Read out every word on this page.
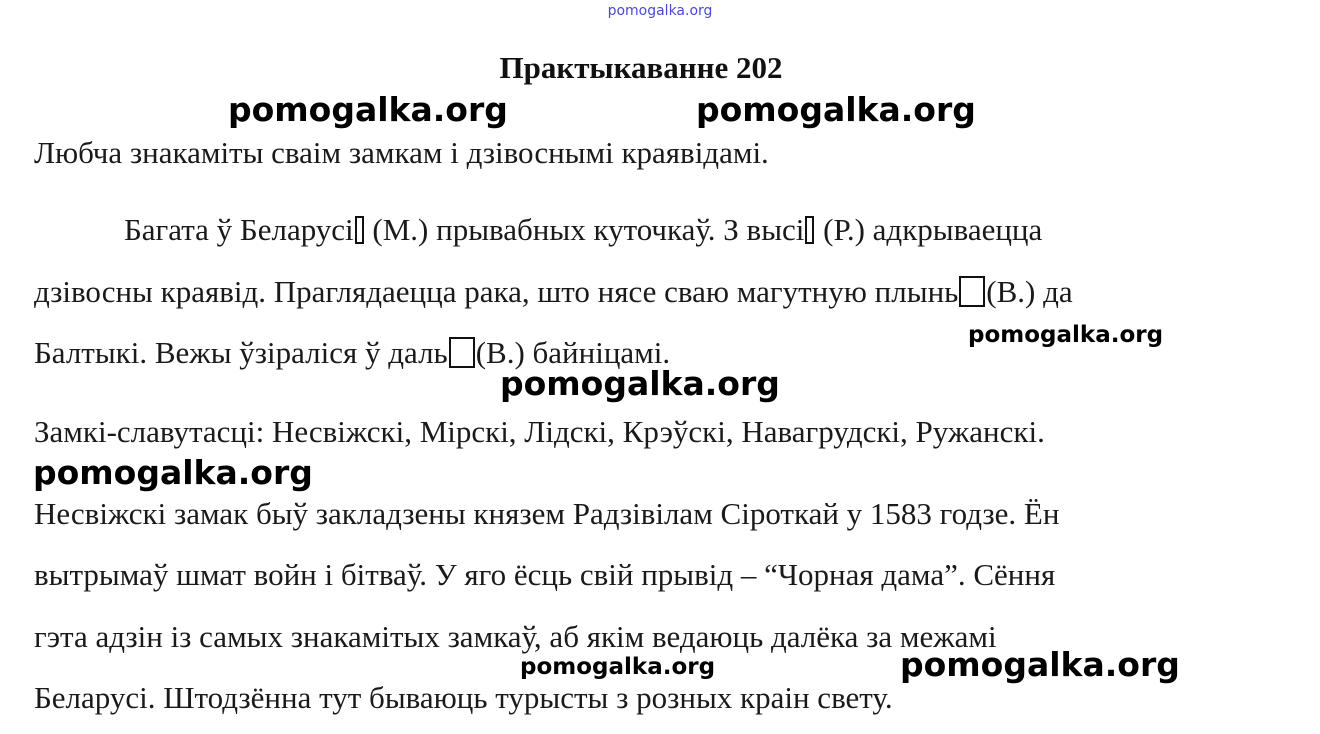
pomogalka.org
Практыкаванне 202
pomogalka.org	pomogalka.org
Любча знакаміты сваім замкам і дзівоснымі краявідамі.
Багата ў Беларусі (М.) прывабных куточкаў. З высі (Р.) адкрываецца
дзівосны краявід. Праглядаецца рака, што нясе сваю магутную плынь (В.) да
pomogalka.org
Балтыкі. Вежы ўзіраліся ў даль (В.) байніцамі.
pomogalka.org
Замкі-славутасці: Несвіжскі, Мірскі, Лідскі, Крэўскі, Навагрудскі, Ружанскі.
pomogalka.org
Несвіжскі замак быў закладзены князем Радзівілам Сіроткай у 1583 годзе. Ён
вытрымаў шмат войн і бітваў. У яго ёсць свій прывід – “Чорная дама”. Сёння
гэта адзін із самых знакамітых замкаў, аб якім ведаюць далёка за межамі
pomogalka.org	pomogalka.org
Беларусі. Штодзённа тут бываюць турысты з розных краін свету.
